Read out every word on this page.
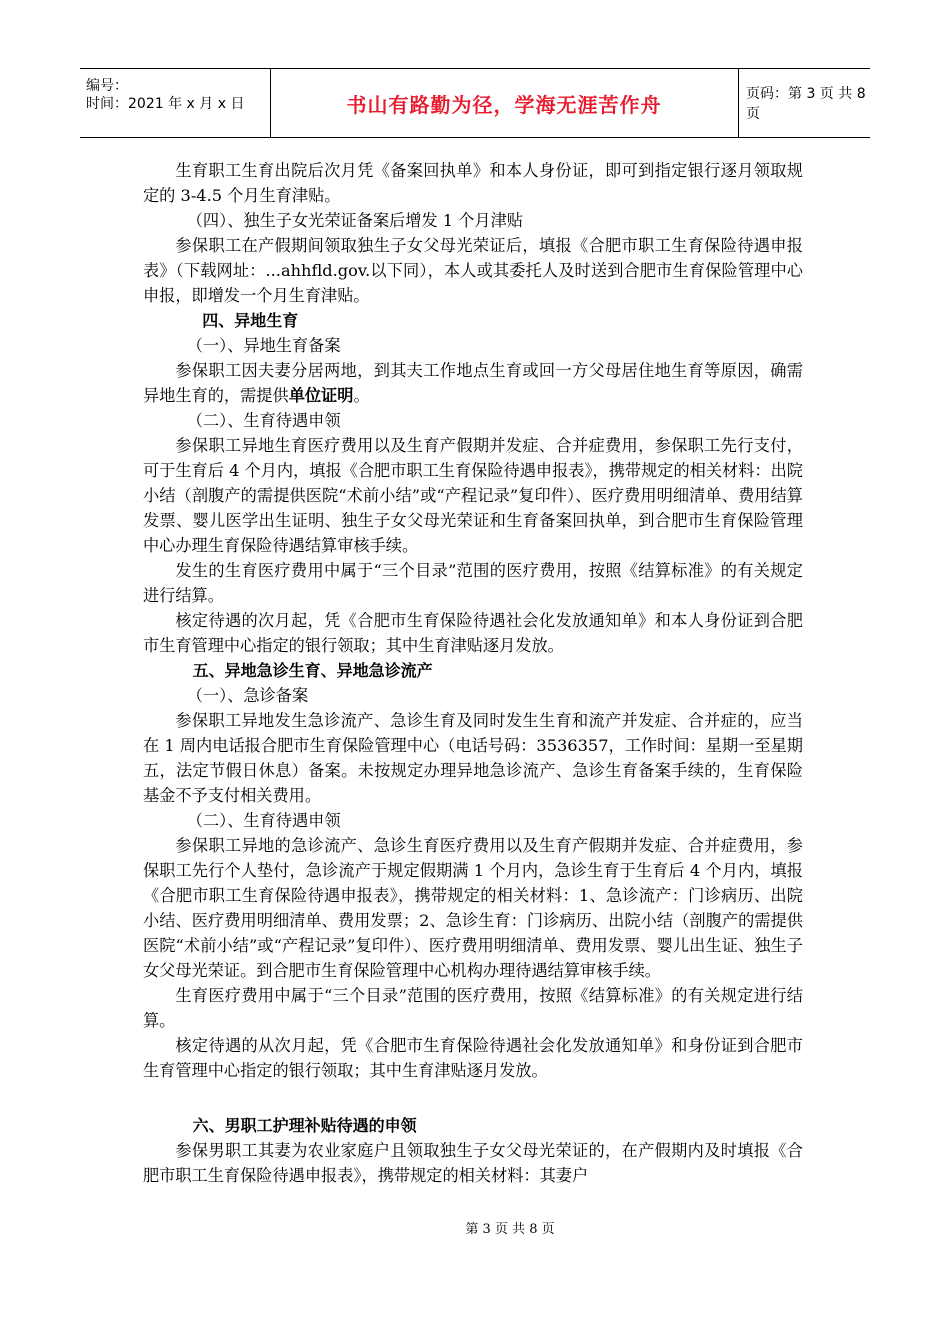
编号：
时间：2021 年 x 月 x 日	书山有路勤为径，学海无涯苦作舟	页码：第 3 页 共 8 页

生育职工生育出院后次月凭《备案回执单》和本人身份证，即可到指定银行逐月领取规定的 3-4.5 个月生育津贴。

（四）、独生子女光荣证备案后增发 1 个月津贴

参保职工在产假期间领取独生子女父母光荣证后，填报《合肥市职工生育保险待遇申报表》（下载网址：...ahhfld.gov.以下同），本人或其委托人及时送到合肥市生育保险管理中心申报，即增发一个月生育津贴。

四、异地生育

（一）、异地生育备案

参保职工因夫妻分居两地，到其夫工作地点生育或回一方父母居住地生育等原因，确需异地生育的，需提供单位证明。

（二）、生育待遇申领

参保职工异地生育医疗费用以及生育产假期并发症、合并症费用，参保职工先行支付，可于生育后 4 个月内，填报《合肥市职工生育保险待遇申报表》，携带规定的相关材料：出院小结（剖腹产的需提供医院“术前小结”或“产程记录”复印件）、医疗费用明细清单、费用结算发票、婴儿医学出生证明、独生子女父母光荣证和生育备案回执单，到合肥市生育保险管理中心办理生育保险待遇结算审核手续。

发生的生育医疗费用中属于“三个目录”范围的医疗费用，按照《结算标准》的有关规定进行结算。

核定待遇的次月起，凭《合肥市生育保险待遇社会化发放通知单》和本人身份证到合肥市生育管理中心指定的银行领取；其中生育津贴逐月发放。

五、异地急诊生育、异地急诊流产

（一）、急诊备案

参保职工异地发生急诊流产、急诊生育及同时发生生育和流产并发症、合并症的，应当在 1 周内电话报合肥市生育保险管理中心（电话号码：3536357，工作时间：星期一至星期五，法定节假日休息）备案。未按规定办理异地急诊流产、急诊生育备案手续的，生育保险基金不予支付相关费用。

（二）、生育待遇申领

参保职工异地的急诊流产、急诊生育医疗费用以及生育产假期并发症、合并症费用，参保职工先行个人垫付，急诊流产于规定假期满 1 个月内，急诊生育于生育后 4 个月内，填报《合肥市职工生育保险待遇申报表》，携带规定的相关材料：1、急诊流产：门诊病历、出院小结、医疗费用明细清单、费用发票；2、急诊生育：门诊病历、出院小结（剖腹产的需提供医院“术前小结”或“产程记录”复印件）、医疗费用明细清单、费用发票、婴儿出生证、独生子女父母光荣证。到合肥市生育保险管理中心机构办理待遇结算审核手续。

生育医疗费用中属于“三个目录”范围的医疗费用，按照《结算标准》的有关规定进行结算。

核定待遇的从次月起，凭《合肥市生育保险待遇社会化发放通知单》和身份证到合肥市生育管理中心指定的银行领取；其中生育津贴逐月发放。

六、男职工护理补贴待遇的申领

参保男职工其妻为农业家庭户且领取独生子女父母光荣证的，在产假期内及时填报《合肥市职工生育保险待遇申报表》，携带规定的相关材料：其妻户

第 3 页 共 8 页
